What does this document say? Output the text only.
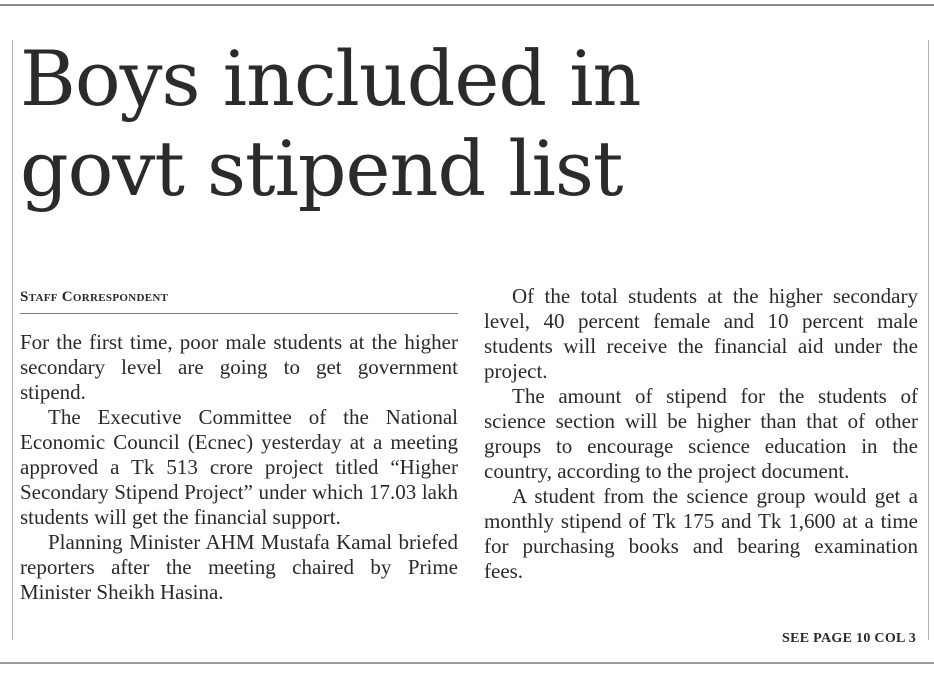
Boys included in
govt stipend list
Staff Correspondent

For the first time, poor male students at the higher secondary level are going to get government stipend.

The Executive Committee of the National Economic Council (Ecnec) yesterday at a meeting approved a Tk 513 crore project titled “Higher Secondary Stipend Project” under which 17.03 lakh students will get the financial support.

Planning Minister AHM Mustafa Kamal briefed reporters after the meeting chaired by Prime Minister Sheikh Hasina.

Of the total students at the higher secondary level, 40 percent female and 10 percent male students will receive the financial aid under the project.

The amount of stipend for the students of science section will be higher than that of other groups to encourage science education in the country, according to the project document.

A student from the science group would get a monthly stipend of Tk 175 and Tk 1,600 at a time for purchasing books and bearing examination fees.

SEE PAGE 10 COL 3
